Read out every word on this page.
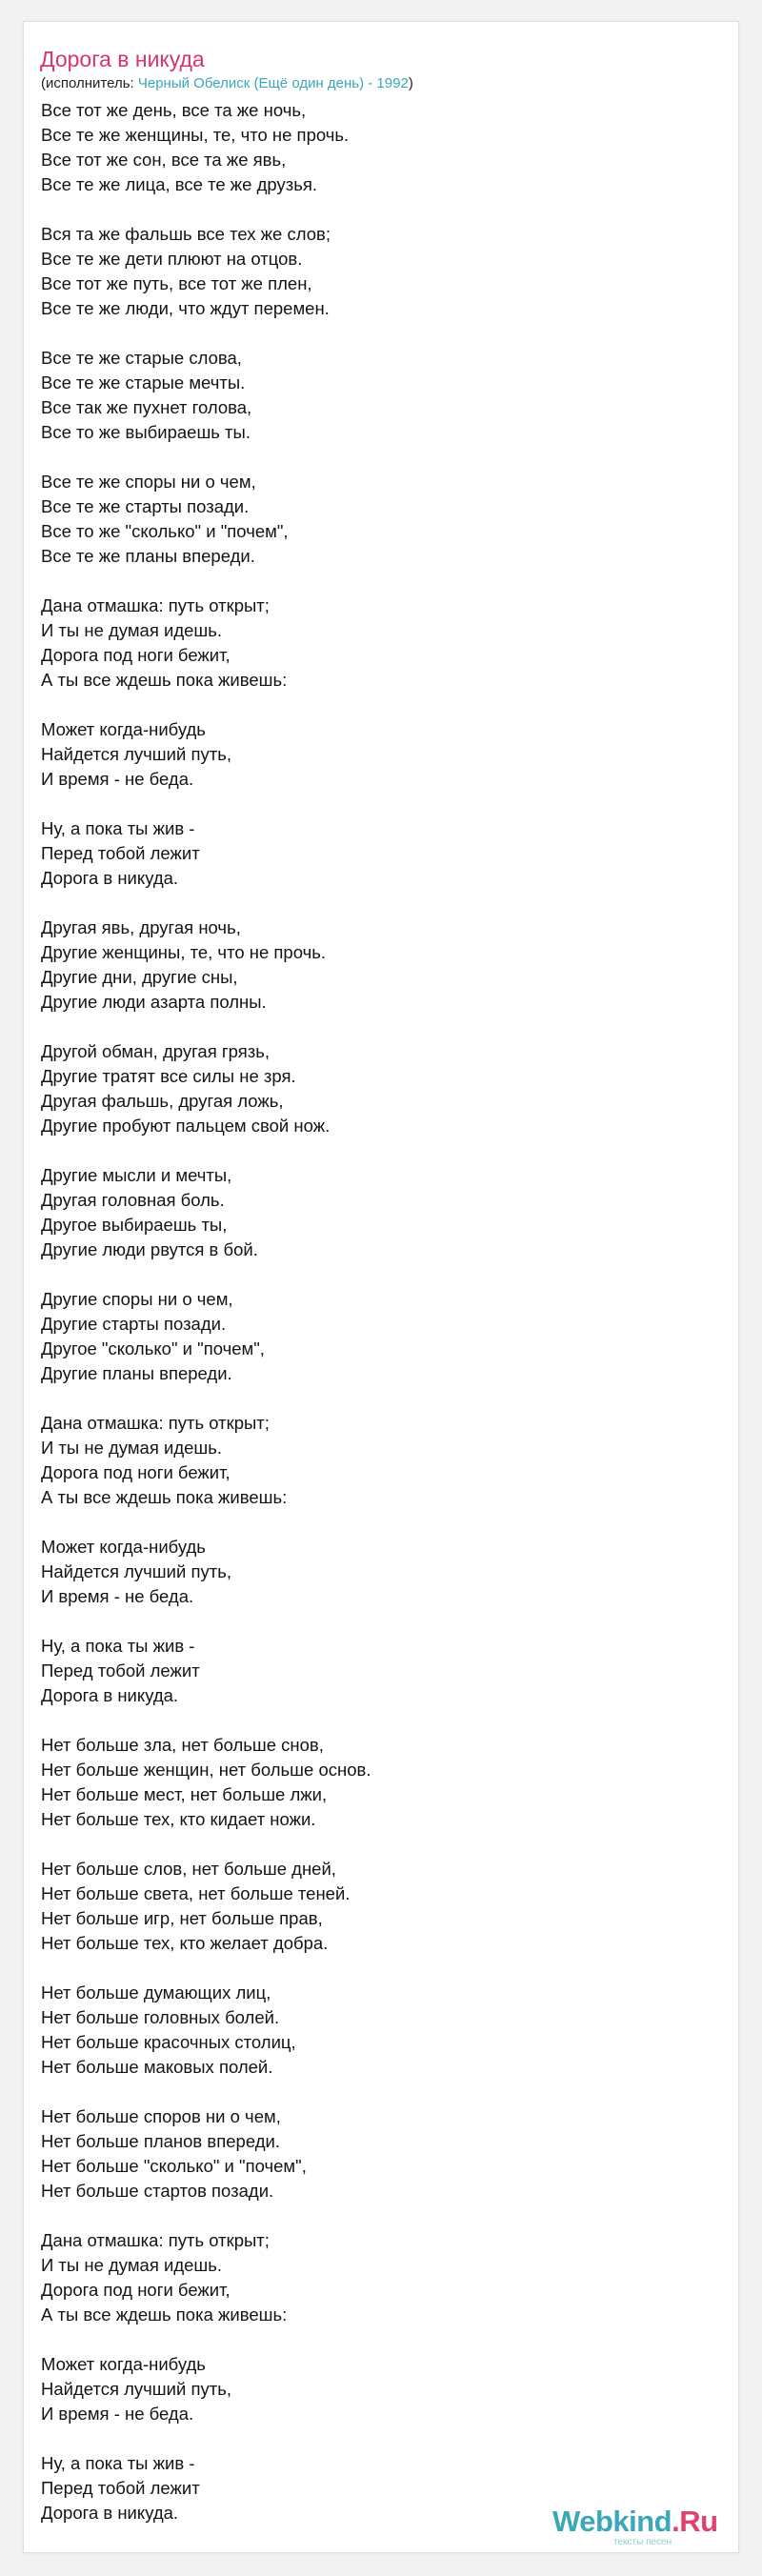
Дорога в никуда
(исполнитель: Черный Обелиск (Ещё один день) - 1992)
Все тот же день, все та же ночь,
Все те же женщины, те, что не прочь.
Все тот же сон, все та же явь,
Все те же лица, все те же друзья.
Вся та же фальшь все тех же слов;
Все те же дети плюют на отцов.
Все тот же путь, все тот же плен,
Все те же люди, что ждут перемен.
Все те же старые слова,
Все те же старые мечты.
Все так же пухнет голова,
Все то же выбираешь ты.
Все те же споры ни о чем,
Все те же старты позади.
Все то же "сколько" и "почем",
Все те же планы впереди.
Дана отмашка: путь открыт;
И ты не думая идешь.
Дорога под ноги бежит,
А ты все ждешь пока живешь:
Может когда-нибудь
Найдется лучший путь,
И время - не беда.
Ну, а пока ты жив -
Перед тобой лежит
Дорога в никуда.
Другая явь, другая ночь,
Другие женщины, те, что не прочь.
Другие дни, другие сны,
Другие люди азарта полны.
Другой обман, другая грязь,
Другие тратят все силы не зря.
Другая фальшь, другая ложь,
Другие пробуют пальцем свой нож.
Другие мысли и мечты,
Другая головная боль.
Другое выбираешь ты,
Другие люди рвутся в бой.
Другие споры ни о чем,
Другие старты позади.
Другое "сколько" и "почем",
Другие планы впереди.
Дана отмашка: путь открыт;
И ты не думая идешь.
Дорога под ноги бежит,
А ты все ждешь пока живешь:
Может когда-нибудь
Найдется лучший путь,
И время - не беда.
Ну, а пока ты жив -
Перед тобой лежит
Дорога в никуда.
Нет больше зла, нет больше снов,
Нет больше женщин, нет больше основ.
Нет больше мест, нет больше лжи,
Нет больше тех, кто кидает ножи.
Нет больше слов, нет больше дней,
Нет больше света, нет больше теней.
Нет больше игр, нет больше прав,
Нет больше тех, кто желает добра.
Нет больше думающих лиц,
Нет больше головных болей.
Нет больше красочных столиц,
Нет больше маковых полей.
Нет больше споров ни о чем,
Нет больше планов впереди.
Нет больше "сколько" и "почем",
Нет больше стартов позади.
Дана отмашка: путь открыт;
И ты не думая идешь.
Дорога под ноги бежит,
А ты все ждешь пока живешь:
Может когда-нибудь
Найдется лучший путь,
И время - не беда.
Ну, а пока ты жив -
Перед тобой лежит
Дорога в никуда.	Webkind.Ru
тексты песен
